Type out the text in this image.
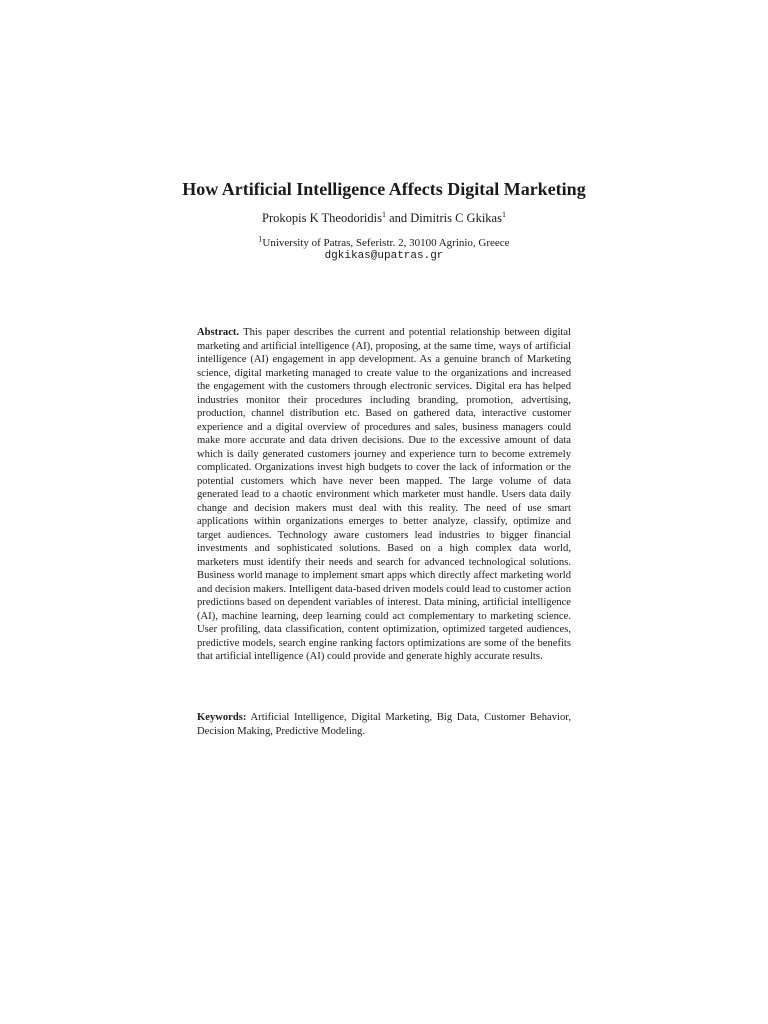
How Artificial Intelligence Affects Digital Marketing
Prokopis K Theodoridis$^1$ and Dimitris C Gkikas$^1$
$^1$University of Patras, Seferistr. 2, 30100 Agrinio, Greece
dgkikas@upatras.gr

Abstract. This paper describes the current and potential relationship between digital marketing and artificial intelligence (AI), proposing, at the same time, ways of artificial intelligence (AI) engagement in app development. As a genuine branch of Marketing science, digital marketing managed to create value to the organizations and increased the engagement with the customers through electronic services. Digital era has helped industries monitor their procedures including branding, promotion, advertising, production, channel distribution etc. Based on gathered data, interactive customer experience and a digital overview of procedures and sales, business managers could make more accurate and data driven decisions. Due to the excessive amount of data which is daily generated customers journey and experience turn to become extremely complicated. Organizations invest high budgets to cover the lack of information or the potential customers which have never been mapped. The large volume of data generated lead to a chaotic environment which marketer must handle. Users data daily change and decision makers must deal with this reality. The need of use smart applications within organizations emerges to better analyze, classify, optimize and target audiences. Technology aware customers lead industries to bigger financial investments and sophisticated solutions. Based on a high complex data world, marketers must identify their needs and search for advanced technological solutions. Business world manage to implement smart apps which directly affect marketing world and decision makers. Intelligent data-based driven models could lead to customer action predictions based on dependent variables of interest. Data mining, artificial intelligence (AI), machine learning, deep learning could act complementary to marketing science. User profiling, data classification, content optimization, optimized targeted audiences, predictive models, search engine ranking factors optimizations are some of the benefits that artificial intelligence (AI) could provide and generate highly accurate results.

Keywords: Artificial Intelligence, Digital Marketing, Big Data, Customer Behavior, Decision Making, Predictive Modeling.
